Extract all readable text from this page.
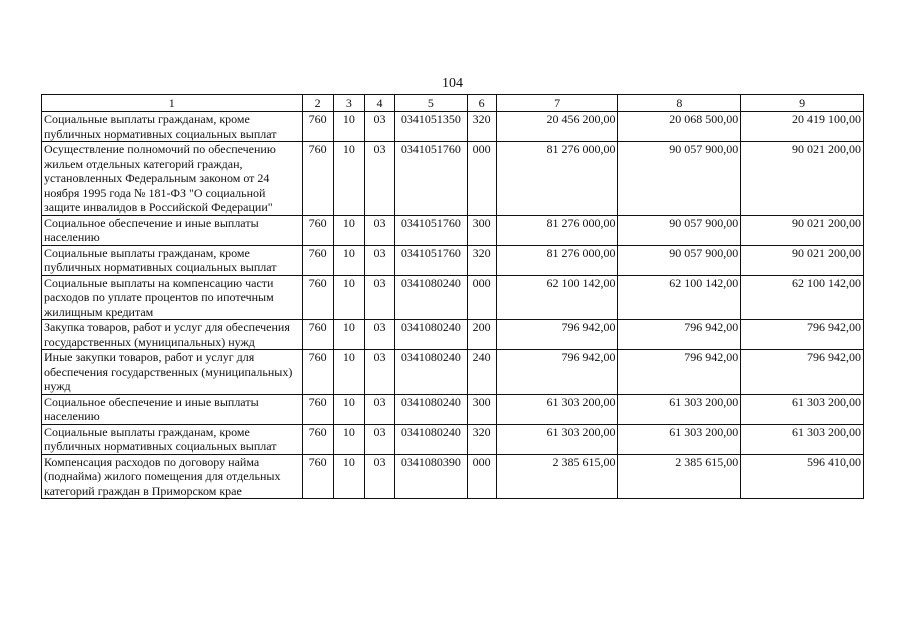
104
1	2	3	4	5	6	7	8	9
Социальные выплаты гражданам, кроме публичных нормативных социальных выплат	760	10	03	0341051350	320	20 456 200,00	20 068 500,00	20 419 100,00
Осуществление полномочий по обеспечению жильем отдельных категорий граждан, установленных Федеральным законом от 24 ноября 1995 года № 181-ФЗ "О социальной защите инвалидов в Российской Федерации"	760	10	03	0341051760	000	81 276 000,00	90 057 900,00	90 021 200,00
Социальное обеспечение и иные выплаты населению	760	10	03	0341051760	300	81 276 000,00	90 057 900,00	90 021 200,00
Социальные выплаты гражданам, кроме публичных нормативных социальных выплат	760	10	03	0341051760	320	81 276 000,00	90 057 900,00	90 021 200,00
Социальные выплаты на компенсацию части расходов по уплате процентов по ипотечным жилищным кредитам	760	10	03	0341080240	000	62 100 142,00	62 100 142,00	62 100 142,00
Закупка товаров, работ и услуг для обеспечения государственных (муниципальных) нужд	760	10	03	0341080240	200	796 942,00	796 942,00	796 942,00
Иные закупки товаров, работ и услуг для обеспечения государственных (муниципальных) нужд	760	10	03	0341080240	240	796 942,00	796 942,00	796 942,00
Социальное обеспечение и иные выплаты населению	760	10	03	0341080240	300	61 303 200,00	61 303 200,00	61 303 200,00
Социальные выплаты гражданам, кроме публичных нормативных социальных выплат	760	10	03	0341080240	320	61 303 200,00	61 303 200,00	61 303 200,00
Компенсация расходов по договору найма (поднайма) жилого помещения для отдельных категорий граждан в Приморском крае	760	10	03	0341080390	000	2 385 615,00	2 385 615,00	596 410,00
